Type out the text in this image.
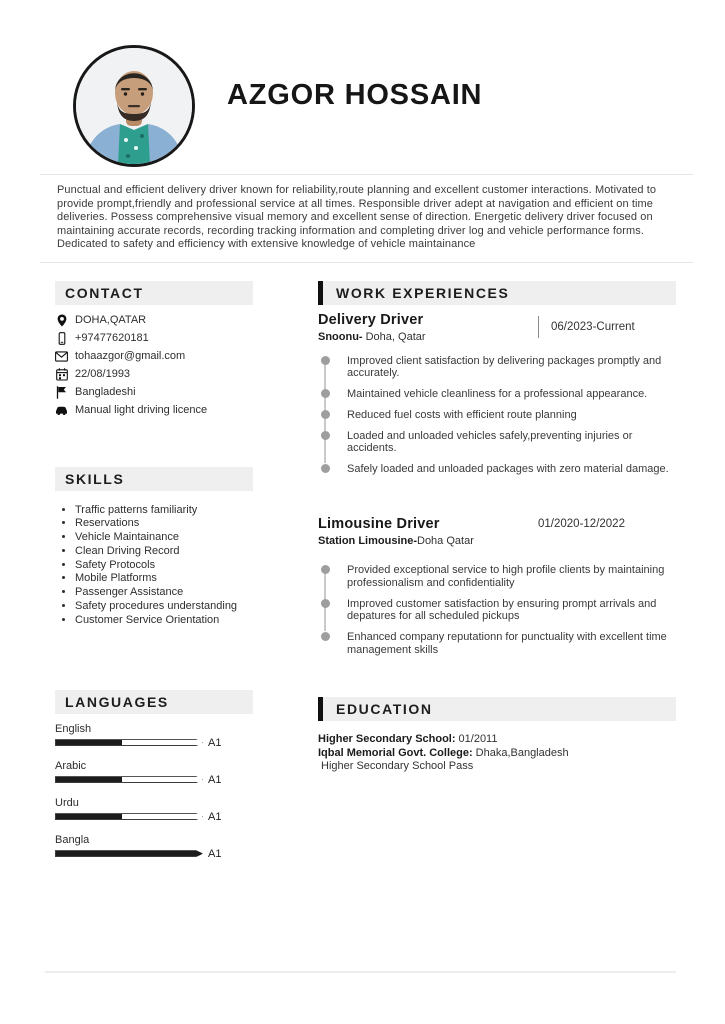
AZGOR HOSSAIN

Punctual and efficient delivery driver known for reliability,route planning and excellent customer interactions. Motivated to provide prompt,friendly and professional service at all times. Responsible driver adept at navigation and efficient on time deliveries. Possess comprehensive visual memory and excellent sense of direction. Energetic delivery driver focused on maintaining accurate records, recording tracking information and completing driver log and vehicle performance forms. Dedicated to safety and efficiency with extensive knowledge of vehicle maintainance

CONTACT
DOHA,QATAR
+97477620181
tohaazgor@gmail.com
22/08/1993
Bangladeshi
Manual light driving licence
SKILLS
• Traffic patterns familiarity
• Reservations
• Vehicle Maintainance
• Clean Driving Record
• Safety Protocols
• Mobile Platforms
• Passenger Assistance
• Safety procedures understanding
• Customer Service Orientation
LANGUAGES
English
A1
Arabic
A1
Urdu
A1
Bangla
A1
WORK EXPERIENCES
Delivery Driver
Snoonu- Doha, Qatar
06/2023-Current
Improved client satisfaction by delivering packages promptly and accurately.
Maintained vehicle cleanliness for a professional appearance.
Reduced fuel costs with efficient route planning
Loaded and unloaded vehicles safely,preventing injuries or accidents.
Safely loaded and unloaded packages with zero material damage.
Limousine Driver
Station Limousine-Doha Qatar
01/2020-12/2022
Provided exceptional service to high profile clients by maintaining professionalism and confidentiality
Improved customer satisfaction by ensuring prompt arrivals and depatures for all scheduled pickups
Enhanced company reputationn for punctuality with excellent time management skills
EDUCATION
Higher Secondary School: 01/2011
Iqbal Memorial Govt. College: Dhaka,Bangladesh
Higher Secondary School Pass
